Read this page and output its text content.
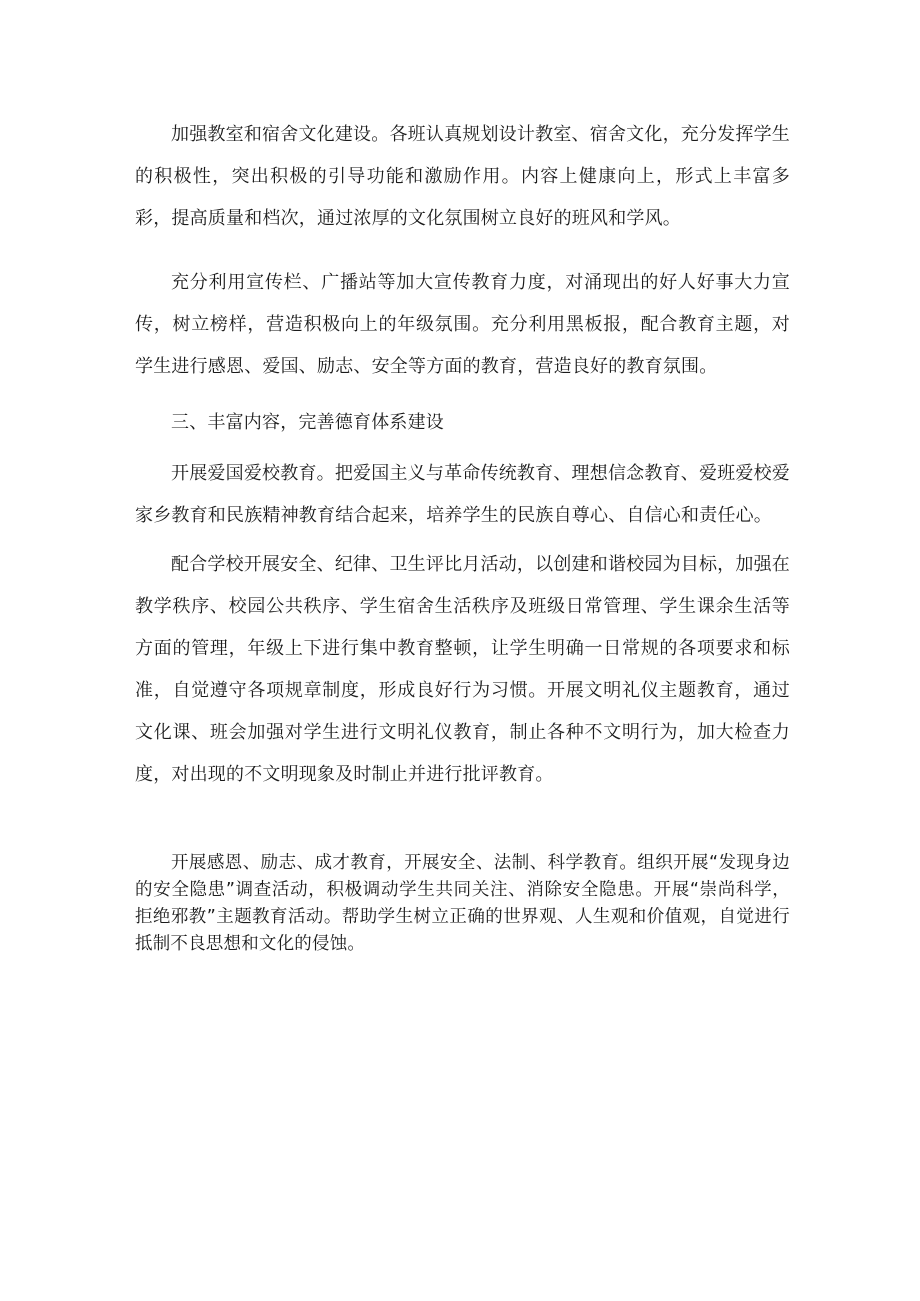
加强教室和宿舍文化建设。各班认真规划设计教室、宿舍文化，充分发挥学生的积极性，突出积极的引导功能和激励作用。内容上健康向上，形式上丰富多彩，提高质量和档次，通过浓厚的文化氛围树立良好的班风和学风。

充分利用宣传栏、广播站等加大宣传教育力度，对涌现出的好人好事大力宣传，树立榜样，营造积极向上的年级氛围。充分利用黑板报，配合教育主题，对学生进行感恩、爱国、励志、安全等方面的教育，营造良好的教育氛围。

三、丰富内容，完善德育体系建设

开展爱国爱校教育。把爱国主义与革命传统教育、理想信念教育、爱班爱校爱家乡教育和民族精神教育结合起来，培养学生的民族自尊心、自信心和责任心。

配合学校开展安全、纪律、卫生评比月活动，以创建和谐校园为目标，加强在教学秩序、校园公共秩序、学生宿舍生活秩序及班级日常管理、学生课余生活等方面的管理，年级上下进行集中教育整顿，让学生明确一日常规的各项要求和标准，自觉遵守各项规章制度，形成良好行为习惯。开展文明礼仪主题教育，通过文化课、班会加强对学生进行文明礼仪教育，制止各种不文明行为，加大检查力度，对出现的不文明现象及时制止并进行批评教育。

开展感恩、励志、成才教育，开展安全、法制、科学教育。组织开展“发现身边的安全隐患”调查活动，积极调动学生共同关注、消除安全隐患。开展“崇尚科学，拒绝邪教”主题教育活动。帮助学生树立正确的世界观、人生观和价值观，自觉进行抵制不良思想和文化的侵蚀。
